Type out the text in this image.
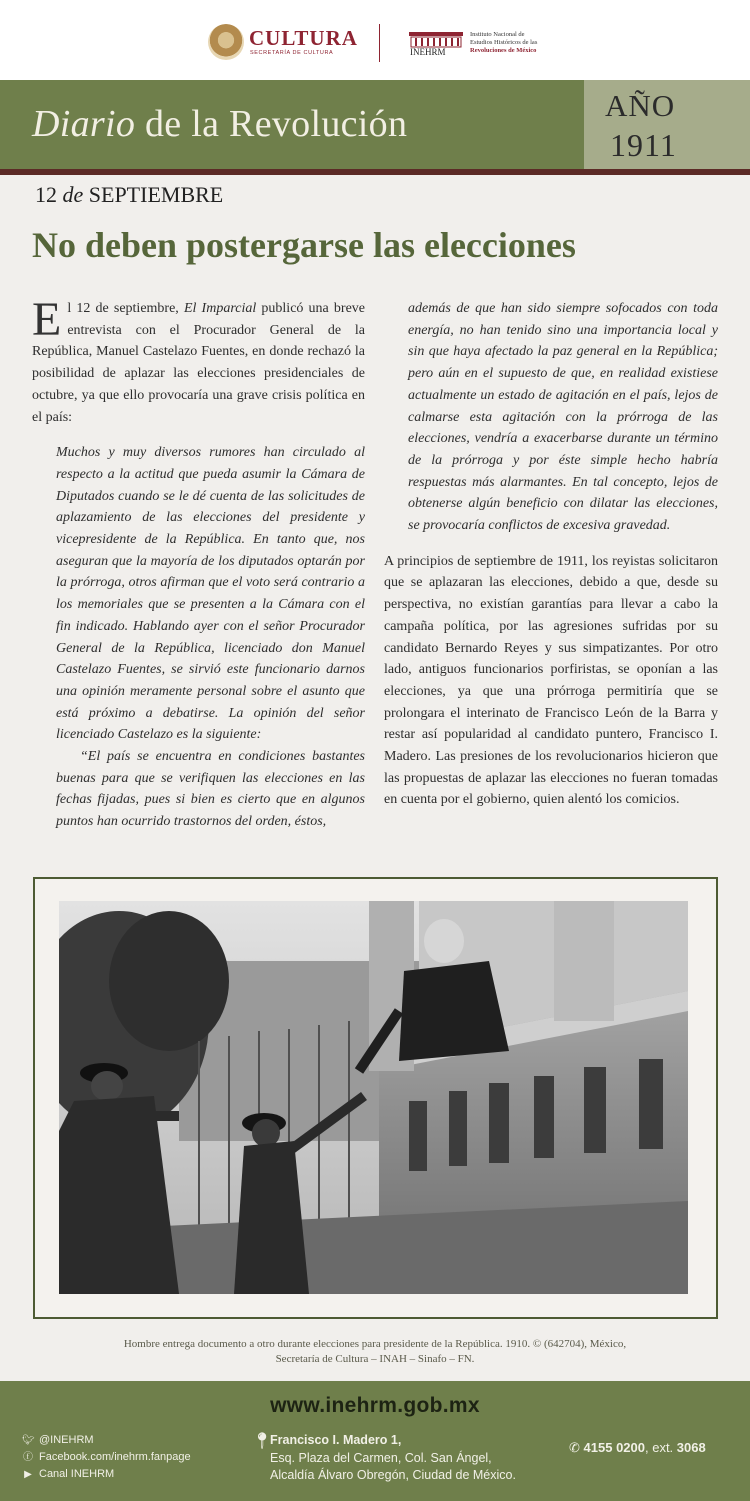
CULTURA
SECRETARÍA DE CULTURA	INEHRM
Instituto Nacional de
Estudios Históricos de las
Revoluciones de México
Diario de la Revolución	AÑO
1911
12 de SEPTIEMBRE
No deben postergarse las elecciones

El 12 de septiembre, El Imparcial publicó una breve entrevista con el Procurador General de la República, Manuel Castelazo Fuentes, en donde rechazó la posibilidad de aplazar las elecciones presidenciales de octubre, ya que ello provocaría una grave crisis política en el país:

Muchos y muy diversos rumores han circulado al respecto a la actitud que pueda asumir la Cámara de Diputados cuando se le dé cuenta de las solicitudes de aplazamiento de las elecciones del presidente y vicepresidente de la República. En tanto que, nos aseguran que la mayoría de los diputados optarán por la prórroga, otros afirman que el voto será contrario a los memoriales que se presenten a la Cámara con el fin indicado. Hablando ayer con el señor Procurador General de la República, licenciado don Manuel Castelazo Fuentes, se sirvió este funcionario darnos una opinión meramente personal sobre el asunto que está próximo a debatirse. La opinión del señor licenciado Castelazo es la siguiente:

“El país se encuentra en condiciones bastantes buenas para que se verifiquen las elecciones en las fechas fijadas, pues si bien es cierto que en algunos puntos han ocurrido trastornos del orden, éstos,

además de que han sido siempre sofocados con toda energía, no han tenido sino una importancia local y sin que haya afectado la paz general en la República; pero aún en el supuesto de que, en realidad existiese actualmente un estado de agitación en el país, lejos de calmarse esta agitación con la prórroga de las elecciones, vendría a exacerbarse durante un término de la prórroga y por éste simple hecho habría respuestas más alarmantes. En tal concepto, lejos de obtenerse algún beneficio con dilatar las elecciones, se provocaría conflictos de excesiva gravedad.

A principios de septiembre de 1911, los reyistas solicitaron que se aplazaran las elecciones, debido a que, desde su perspectiva, no existían garantías para llevar a cabo la campaña política, por las agresiones sufridas por su candidato Bernardo Reyes y sus simpatizantes. Por otro lado, antiguos funcionarios porfiristas, se oponían a las elecciones, ya que una prórroga permitiría que se prolongara el interinato de Francisco León de la Barra y restar así popularidad al candidato puntero, Francisco I. Madero. Las presiones de los revolucionarios hicieron que las propuestas de aplazar las elecciones no fueran tomadas en cuenta por el gobierno, quien alentó los comicios.

Hombre entrega documento a otro durante elecciones para presidente de la República. 1910. © (642704), México,
Secretaría de Cultura – INAH – Sinafo – FN.
www.inehrm.gob.mx
🐦︎ @INEHRM
ⓕ Facebook.com/inehrm.fanpage
▶ Canal INEHRM
📍︎
Francisco I. Madero 1,
Esq. Plaza del Carmen, Col. San Ángel,
Alcaldía Álvaro Obregón, Ciudad de México.
✆ 4155 0200, ext. 3068
